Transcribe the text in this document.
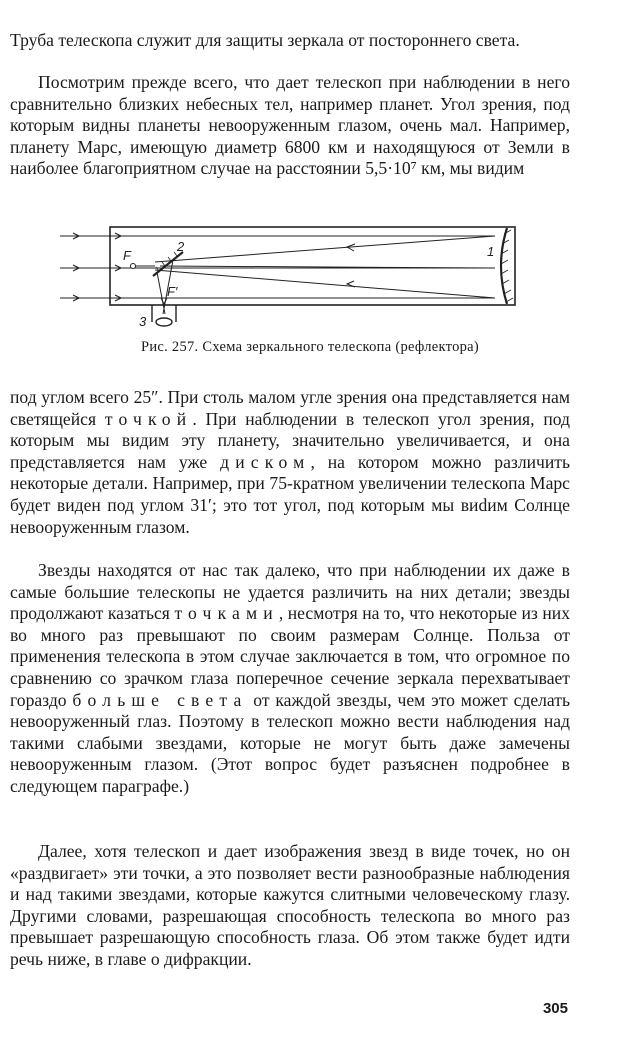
Труба телескопа служит для защиты зеркала от постороннего света.

Посмотрим прежде всего, что дает телескоп при наблюдении в него сравнительно близких небесных тел, например планет. Угол зрения, под которым видны планеты невооруженным глазом, очень мал. Например, планету Марс, имеющую диаметр 6800 км и находящуюся от Земли в наиболее благоприятном случае на расстоянии 5,5·10⁷ км, мы видим

F
F′
1
2
3
Рис. 257. Схема зеркального телескопа (рефлектора)

под углом всего 25″. При столь малом угле зрения она представляется нам светящейся точкой. При наблюдении в телескоп угол зрения, под которым мы видим эту планету, значительно увеличивается, и она представляется нам уже диском, на котором можно различить некоторые детали. Например, при 75-кратном увеличении телескопа Марс будет виден под углом 31′; это тот угол, под которым мы виdим Солнце невооруженным глазом.

Звезды находятся от нас так далеко, что при наблюдении их даже в самые большие телескопы не удается различить на них детали; звезды продолжают казаться точками, несмотря на то, что некоторые из них во много раз превышают по своим размерам Солнце. Польза от применения телескопа в этом случае заключается в том, что огромное по сравнению со зрачком глаза поперечное сечение зеркала перехватывает гораздо больше света от каждой звезды, чем это может сделать невооруженный глаз. Поэтому в телескоп можно вести наблюдения над такими слабыми звездами, которые не могут быть даже замечены невооруженным глазом. (Этот вопрос будет разъяснен подробнее в следующем параграфе.)

Далее, хотя телескоп и дает изображения звезд в виде точек, но он «раздвигает» эти точки, а это позволяет вести разнообразные наблюдения и над такими звездами, которые кажутся слитными человеческому глазу. Другими словами, разрешающая способность телескопа во много раз превышает разрешающую способность глаза. Об этом также будет идти речь ниже, в главе о дифракции.

305
